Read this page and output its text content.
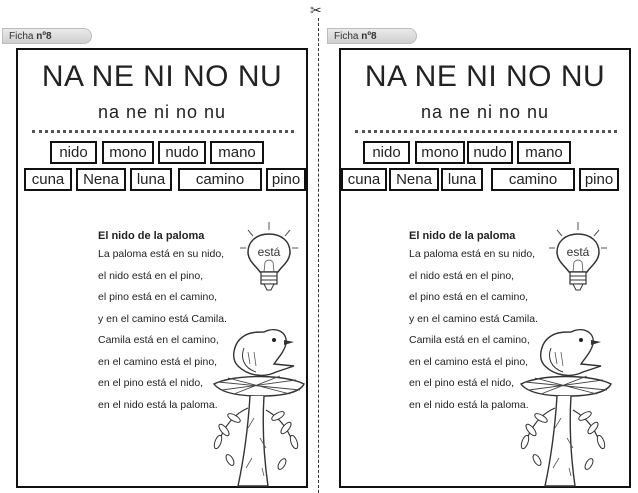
✂
Ficha nº8
NA NE NI NO NU
na ne ni no nu
nido	mono	nudo	mano
cuna	Nena	luna	camino	pino
El nido de la paloma
La paloma está en su nido,
el nido está en el pino,
el pino está en el camino,
y en el camino está Camila.
Camila está en el camino,
en el camino está el pino,
en el pino está el nido,
en el nido está la paloma.
está
Ficha nº8
NA NE NI NO NU
na ne ni no nu
nido	mono nudo	mano
cuna	Nena	luna	camino	pino
El nido de la paloma
La paloma está en su nido,
el nido está en el pino,
el pino está en el camino,
y en el camino está Camila.
Camila está en el camino,
en el camino está el pino,
en el pino está el nido,
en el nido está la paloma.
está
